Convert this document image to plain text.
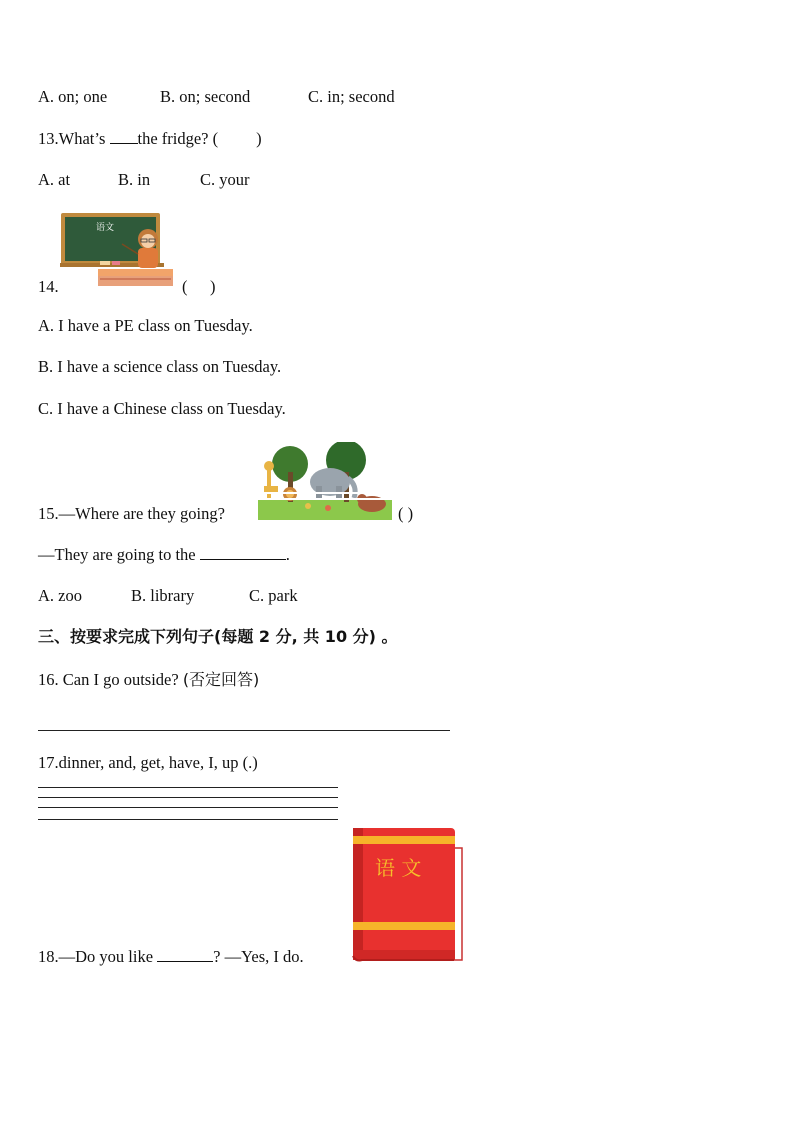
A. on; one	B. on; second	C. in; second
13.What’s the fridge? ( )
A. at	B. in	C. your
14.
语文
( )
A. I have a PE class on Tuesday.
B. I have a science class on Tuesday.
C. I have a Chinese class on Tuesday.
15.—Where are they going?	( )
—They are going to the	.
A. zoo	B. library	C. park
三、按要求完成下列句子(每题 2 分, 共 10 分) 。
16. Can I go outside? (否定回答)
17.dinner, and, get, have, I, up (.)
18.—Do you like	? —Yes, I do.
语 文
